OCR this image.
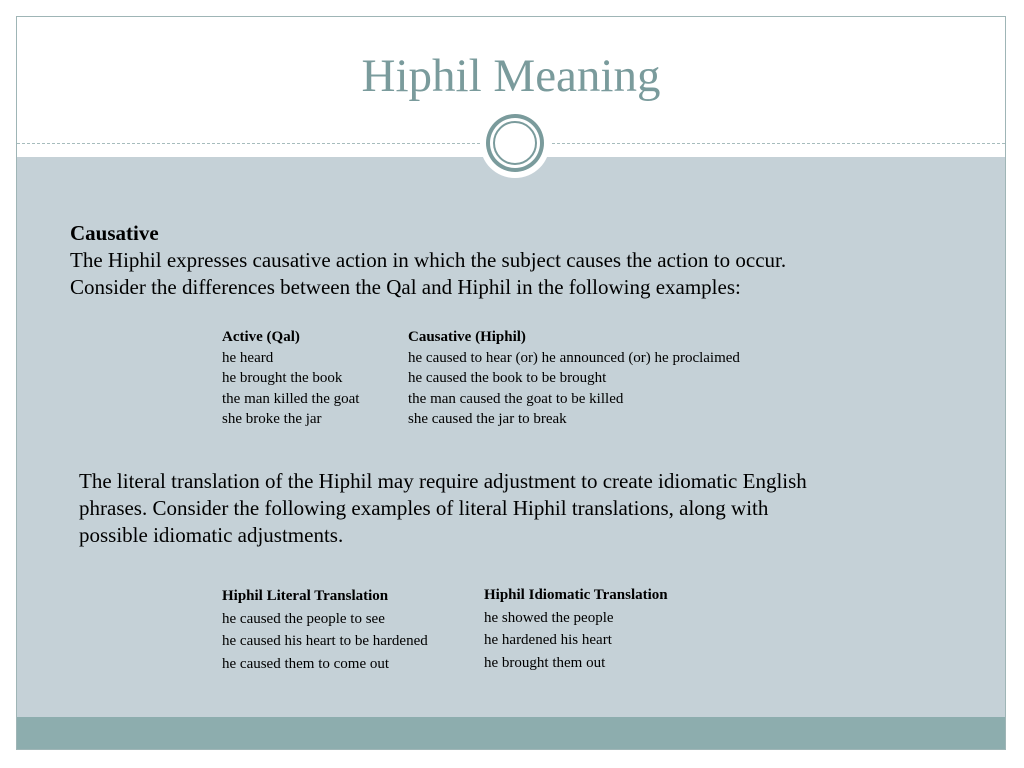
Hiphil Meaning
Causative
The Hiphil expresses causative action in which the subject causes the action to occur.
Consider the differences between the Qal and Hiphil in the following examples:
Active (Qal)
he heard
he brought the book
the man killed the goat
she broke the jar
Causative (Hiphil)
he caused to hear (or) he announced (or) he proclaimed
he caused the book to be brought
the man caused the goat to be killed
she caused the jar to break
The literal translation of the Hiphil may require adjustment to create idiomatic English
phrases. Consider the following examples of literal Hiphil translations, along with
possible idiomatic adjustments.
Hiphil Literal Translation
he caused the people to see
he caused his heart to be hardened
he caused them to come out
Hiphil Idiomatic Translation
he showed the people
he hardened his heart
he brought them out
